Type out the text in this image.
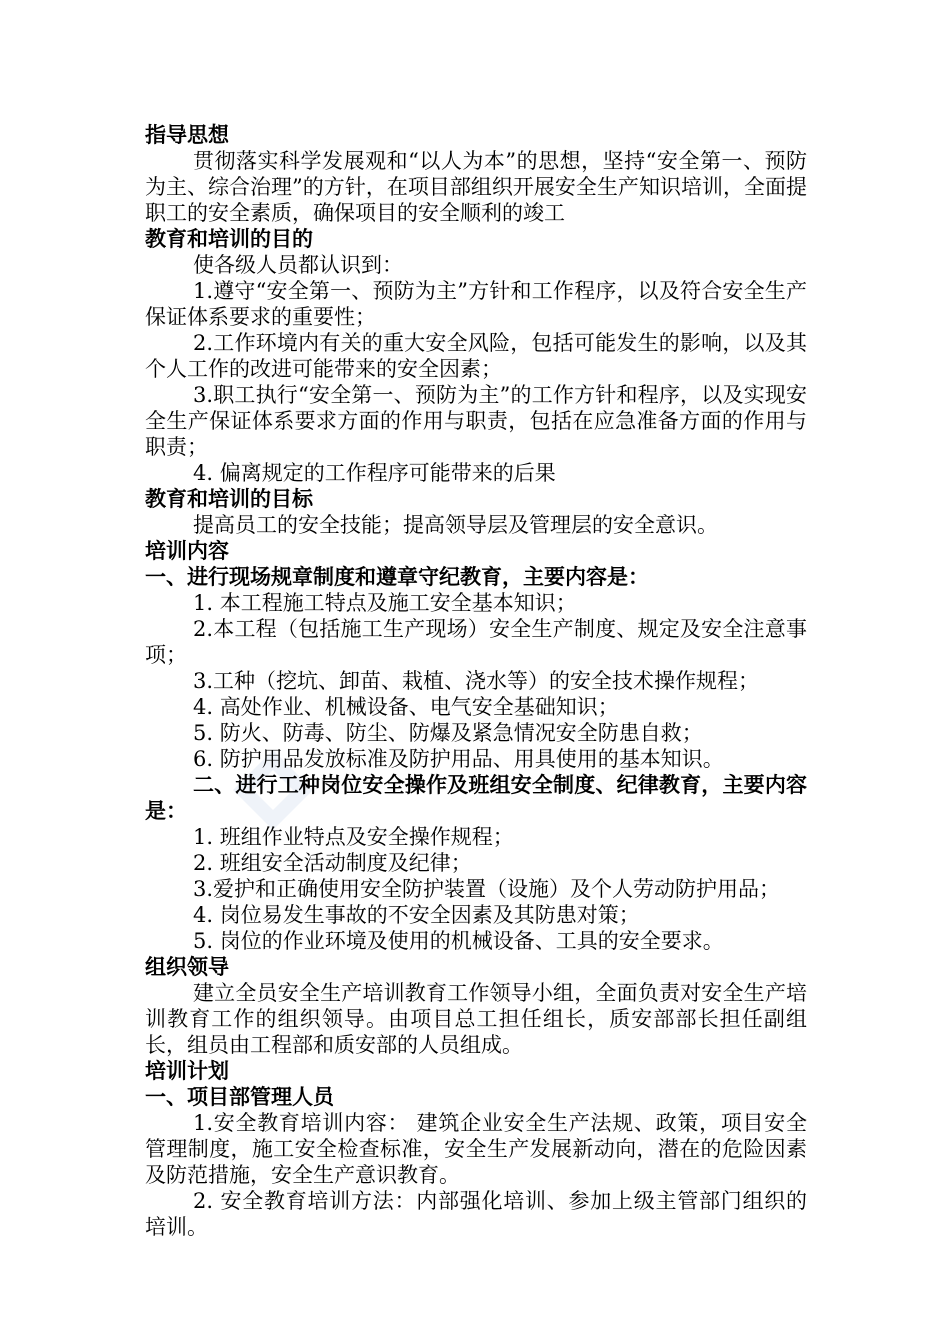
指导思想

贯彻落实科学发展观和“以人为本”的思想，坚持“安全第一、预防为主、综合治理”的方针，在项目部组织开展安全生产知识培训，全面提职工的安全素质，确保项目的安全顺利的竣工

教育和培训的目的

使各级人员都认识到：

1.遵守“安全第一、预防为主”方针和工作程序，以及符合安全生产保证体系要求的重要性；

2.工作环境内有关的重大安全风险，包括可能发生的影响，以及其个人工作的改进可能带来的安全因素；

3.职工执行“安全第一、预防为主”的工作方针和程序，以及实现安全生产保证体系要求方面的作用与职责，包括在应急准备方面的作用与职责；

4. 偏离规定的工作程序可能带来的后果

教育和培训的目标

提高员工的安全技能；提高领导层及管理层的安全意识。

培训内容

一、进行现场规章制度和遵章守纪教育，主要内容是：

1. 本工程施工特点及施工安全基本知识；

2.本工程（包括施工生产现场）安全生产制度、规定及安全注意事项；

3.工种（挖坑、卸苗、栽植、浇水等）的安全技术操作规程；

4. 高处作业、机械设备、电气安全基础知识；

5. 防火、防毒、防尘、防爆及紧急情况安全防患自救；

6. 防护用品发放标准及防护用品、用具使用的基本知识。

二、进行工种岗位安全操作及班组安全制度、纪律教育，主要内容是：

1. 班组作业特点及安全操作规程；

2. 班组安全活动制度及纪律；

3.爱护和正确使用安全防护装置（设施）及个人劳动防护用品；

4. 岗位易发生事故的不安全因素及其防患对策；

5. 岗位的作业环境及使用的机械设备、工具的安全要求。

组织领导

建立全员安全生产培训教育工作领导小组，全面负责对安全生产培训教育工作的组织领导。由项目总工担任组长，质安部部长担任副组长，组员由工程部和质安部的人员组成。

培训计划

一、项目部管理人员

1.安全教育培训内容： 建筑企业安全生产法规、政策，项目安全管理制度，施工安全检查标准，安全生产发展新动向，潜在的危险因素及防范措施，安全生产意识教育。

2. 安全教育培训方法：内部强化培训、参加上级主管部门组织的培训。
